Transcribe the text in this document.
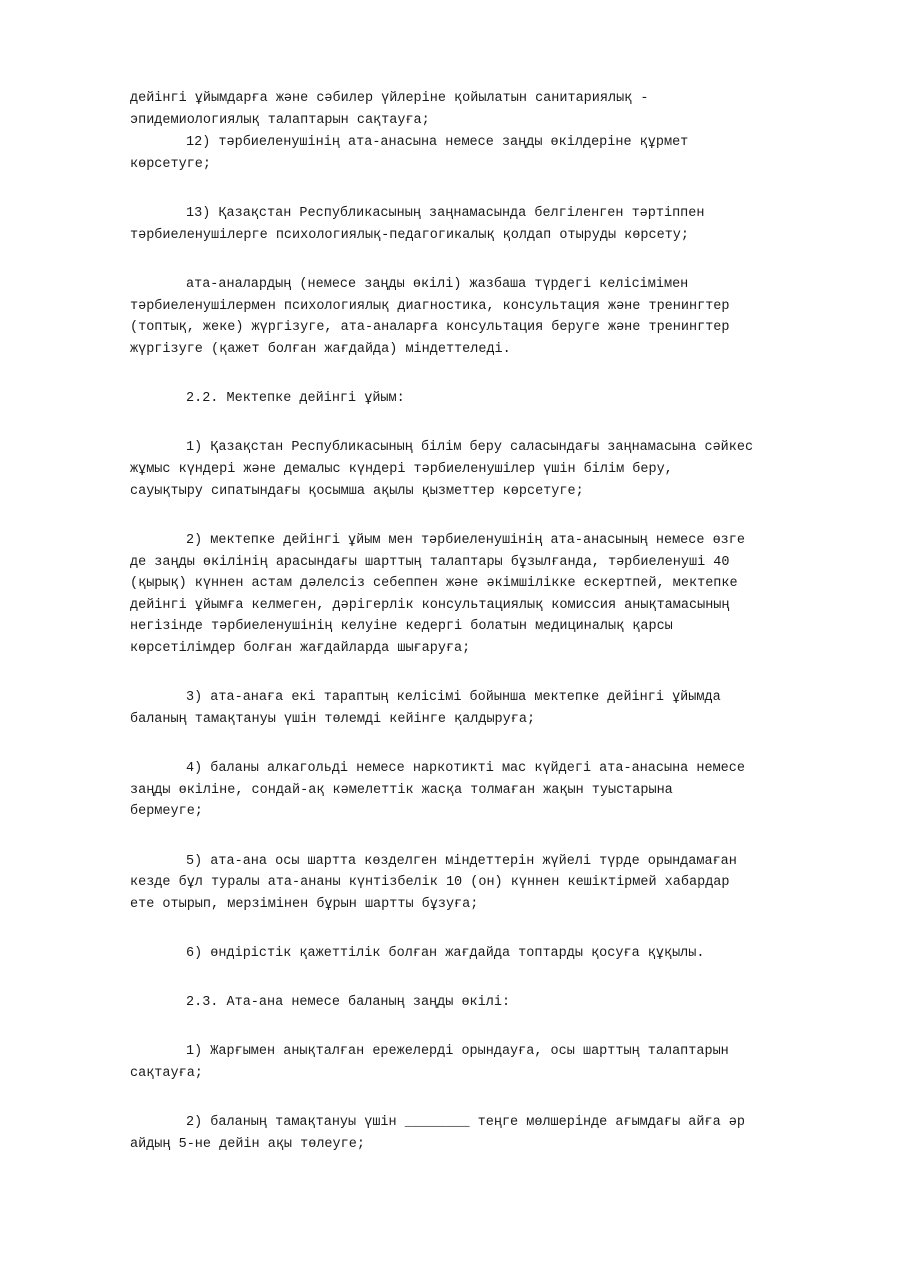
дейінгі ұйымдарға және сәбилер үйлеріне қойылатын санитариялық -
эпидемиологиялық талаптарын сақтауға;
12) тәрбиеленушінің ата-анасына немесе заңды өкілдеріне құрмет
көрсетуге;
13) Қазақстан Республикасының заңнамасында белгіленген тәртіппен
тәрбиеленушілерге психологиялық-педагогикалық қолдап отыруды көрсету;
ата-аналардың (немесе заңды өкілі) жазбаша түрдегі келісімімен
тәрбиеленушілермен психологиялық диагностика, консультация және тренингтер
(топтық, жеке) жүргізуге, ата-аналарға консультация беруге және тренингтер
жүргізуге (қажет болған жағдайда) міндеттеледі.
2.2. Мектепке дейінгі ұйым:
1) Қазақстан Республикасының білім беру саласындағы заңнамасына сәйкес
жұмыс күндері және демалыс күндері тәрбиеленушілер үшін білім беру,
сауықтыру сипатындағы қосымша ақылы қызметтер көрсетуге;
2) мектепке дейінгі ұйым мен тәрбиеленушінің ата-анасының немесе өзге
де заңды өкілінің арасындағы шарттың талаптары бұзылғанда, тәрбиеленуші 40
(қырық) күннен астам дәлелсіз себеппен және әкімшілікке ескертпей, мектепке
дейінгі ұйымға келмеген, дәрігерлік консультациялық комиссия анықтамасының
негізінде тәрбиеленушінің келуіне кедергі болатын медициналық қарсы
көрсетілімдер болған жағдайларда шығаруға;
3) ата-анаға екі тараптың келісімі бойынша мектепке дейінгі ұйымда
баланың тамақтануы үшін төлемді кейінге қалдыруға;
4) баланы алкагольді немесе наркотикті мас күйдегі ата-анасына немесе
заңды өкіліне, сондай-ақ кәмелеттік жасқа толмаған жақын туыстарына
бермеуге;
5) ата-ана осы шартта көзделген міндеттерін жүйелі түрде орындамаған
кезде бұл туралы ата-ананы күнтізбелік 10 (он) күннен кешіктірмей хабардар
ете отырып, мерзімінен бұрын шартты бұзуға;
6) өндірістік қажеттілік болған жағдайда топтарды қосуға құқылы.
2.3. Ата-ана немесе баланың заңды өкілі:
1) Жарғымен анықталған ережелерді орындауға, осы шарттың талаптарын
сақтауға;
2) баланың тамақтануы үшін ________ теңге мөлшерінде ағымдағы айға әр
айдың 5-не дейін ақы төлеуге;
